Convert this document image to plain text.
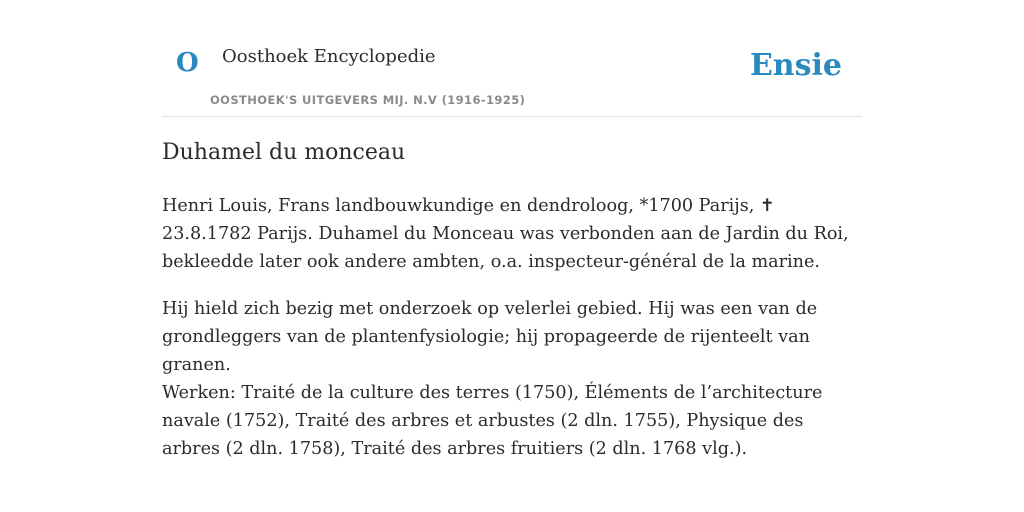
O Oosthoek Encyclopedie
OOSTHOEK'S UITGEVERS MIJ. N.V (1916-1925)
Ensie
Duhamel du monceau

Henri Louis, Frans landbouwkundige en dendroloog, *1700 Parijs, ✝ 23.8.1782 Parijs. Duhamel du Monceau was verbonden aan de Jardin du Roi, bekleedde later ook andere ambten, o.a. inspecteur-général de la marine.

Hij hield zich bezig met onderzoek op velerlei gebied. Hij was een van de grondleggers van de plantenfysiologie; hij propageerde de rijenteelt van granen.

Werken: Traité de la culture des terres (1750), Éléments de l’architecture navale (1752), Traité des arbres et arbustes (2 dln. 1755), Physique des arbres (2 dln. 1758), Traité des arbres fruitiers (2 dln. 1768 vlg.).
